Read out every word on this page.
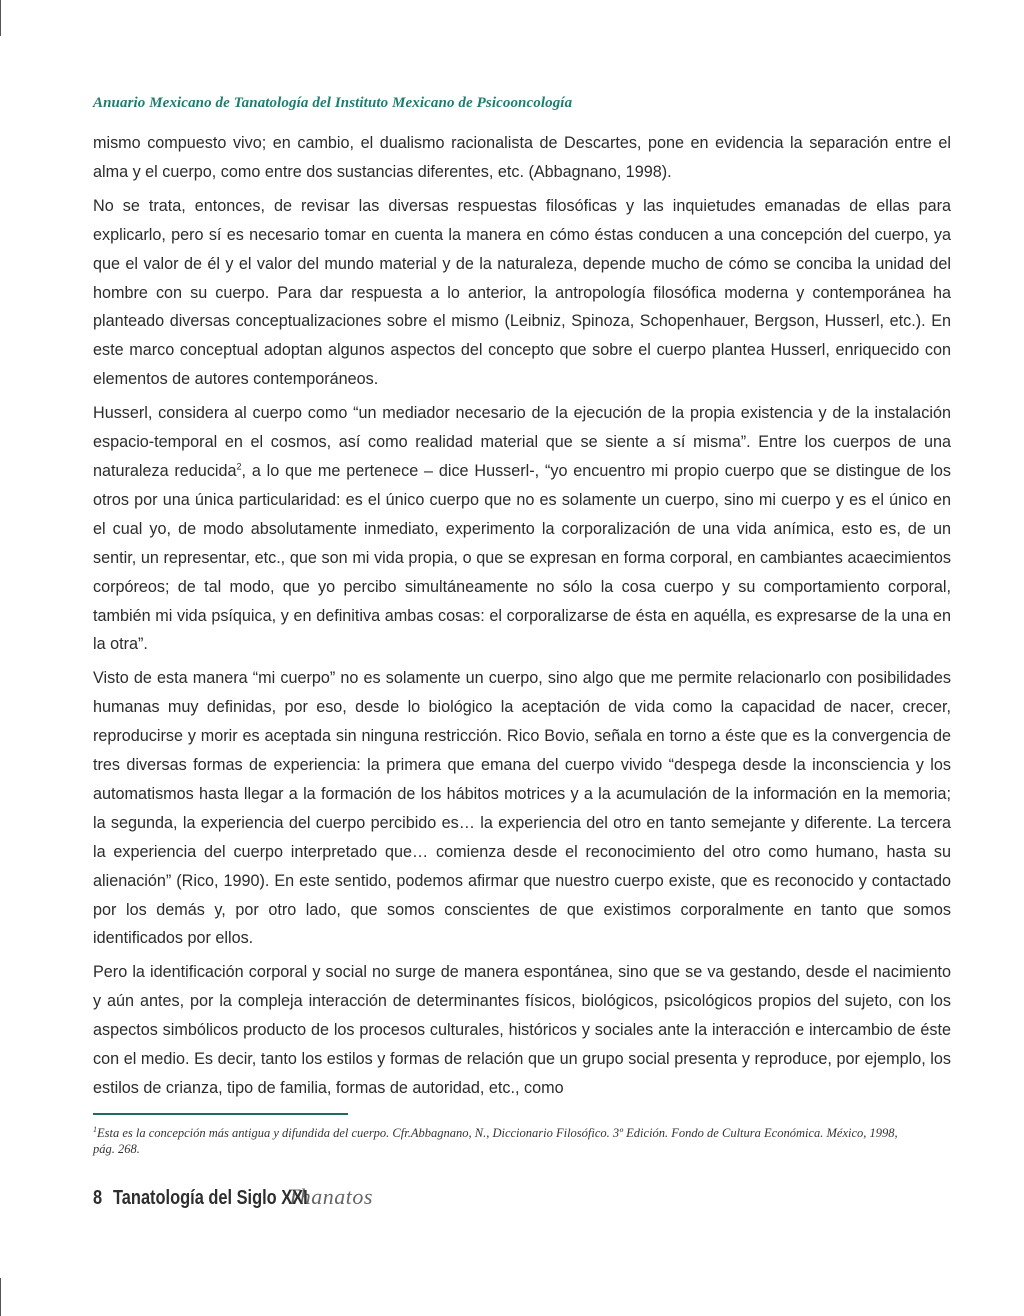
Anuario Mexicano de Tanatología del Instituto Mexicano de Psicooncología

mismo compuesto vivo; en cambio, el dualismo racionalista de Descartes, pone en evidencia la separación entre el alma y el cuerpo, como entre dos sustancias diferentes, etc. (Abbagnano, 1998).

No se trata, entonces, de revisar las diversas respuestas filosóficas y las inquietudes emanadas de ellas para explicarlo, pero sí es necesario tomar en cuenta la manera en cómo éstas conducen a una concepción del cuerpo, ya que el valor de él y el valor del mundo material y de la naturaleza, depende mucho de cómo se conciba la unidad del hombre con su cuerpo. Para dar respuesta a lo anterior, la antropología filosófica moderna y contemporánea ha planteado diversas conceptualizaciones sobre el mismo (Leibniz, Spinoza, Schopenhauer, Bergson, Husserl, etc.). En este marco conceptual adoptan algunos aspectos del concepto que sobre el cuerpo plantea Husserl, enriquecido con elementos de autores contemporáneos.

Husserl, considera al cuerpo como “un mediador necesario de la ejecución de la propia existencia y de la instalación espacio-temporal en el cosmos, así como realidad material que se siente a sí misma”. Entre los cuerpos de una naturaleza reducida$^2$, a lo que me pertenece – dice Husserl-, “yo encuentro mi propio cuerpo que se distingue de los otros por una única particularidad: es el único cuerpo que no es solamente un cuerpo, sino mi cuerpo y es el único en el cual yo, de modo absolutamente inmediato, experimento la corporalización de una vida anímica, esto es, de un sentir, un representar, etc., que son mi vida propia, o que se expresan en forma corporal, en cambiantes acaecimientos corpóreos; de tal modo, que yo percibo simultáneamente no sólo la cosa cuerpo y su comportamiento corporal, también mi vida psíquica, y en definitiva ambas cosas: el corporalizarse de ésta en aquélla, es expresarse de la una en la otra”.

Visto de esta manera “mi cuerpo” no es solamente un cuerpo, sino algo que me permite relacionarlo con posibilidades humanas muy definidas, por eso, desde lo biológico la aceptación de vida como la capacidad de nacer, crecer, reproducirse y morir es aceptada sin ninguna restricción. Rico Bovio, señala en torno a éste que es la convergencia de tres diversas formas de experiencia: la primera que emana del cuerpo vivido “despega desde la inconsciencia y los automatismos hasta llegar a la formación de los hábitos motrices y a la acumulación de la información en la memoria; la segunda, la experiencia del cuerpo percibido es… la experiencia del otro en tanto semejante y diferente. La tercera la experiencia del cuerpo interpretado que… comienza desde el reconocimiento del otro como humano, hasta su alienación” (Rico, 1990). En este sentido, podemos afirmar que nuestro cuerpo existe, que es reconocido y contactado por los demás y, por otro lado, que somos conscientes de que existimos corporalmente en tanto que somos identificados por ellos.

Pero la identificación corporal y social no surge de manera espontánea, sino que se va gestando, desde el nacimiento y aún antes, por la compleja interacción de determinantes físicos, biológicos, psicológicos propios del sujeto, con los aspectos simbólicos producto de los procesos culturales, históricos y sociales ante la interacción e intercambio de éste con el medio. Es decir, tanto los estilos y formas de relación que un grupo social presenta y reproduce, por ejemplo, los estilos de crianza, tipo de familia, formas de autoridad, etc., como

$^1$Esta es la concepción más antigua y difundida del cuerpo. Cfr.Abbagnano, N., Diccionario Filosófico. 3º Edición. Fondo de Cultura Económica. México, 1998, pág. 268.
8 Tanatología del Siglo XXI
Thanatos
